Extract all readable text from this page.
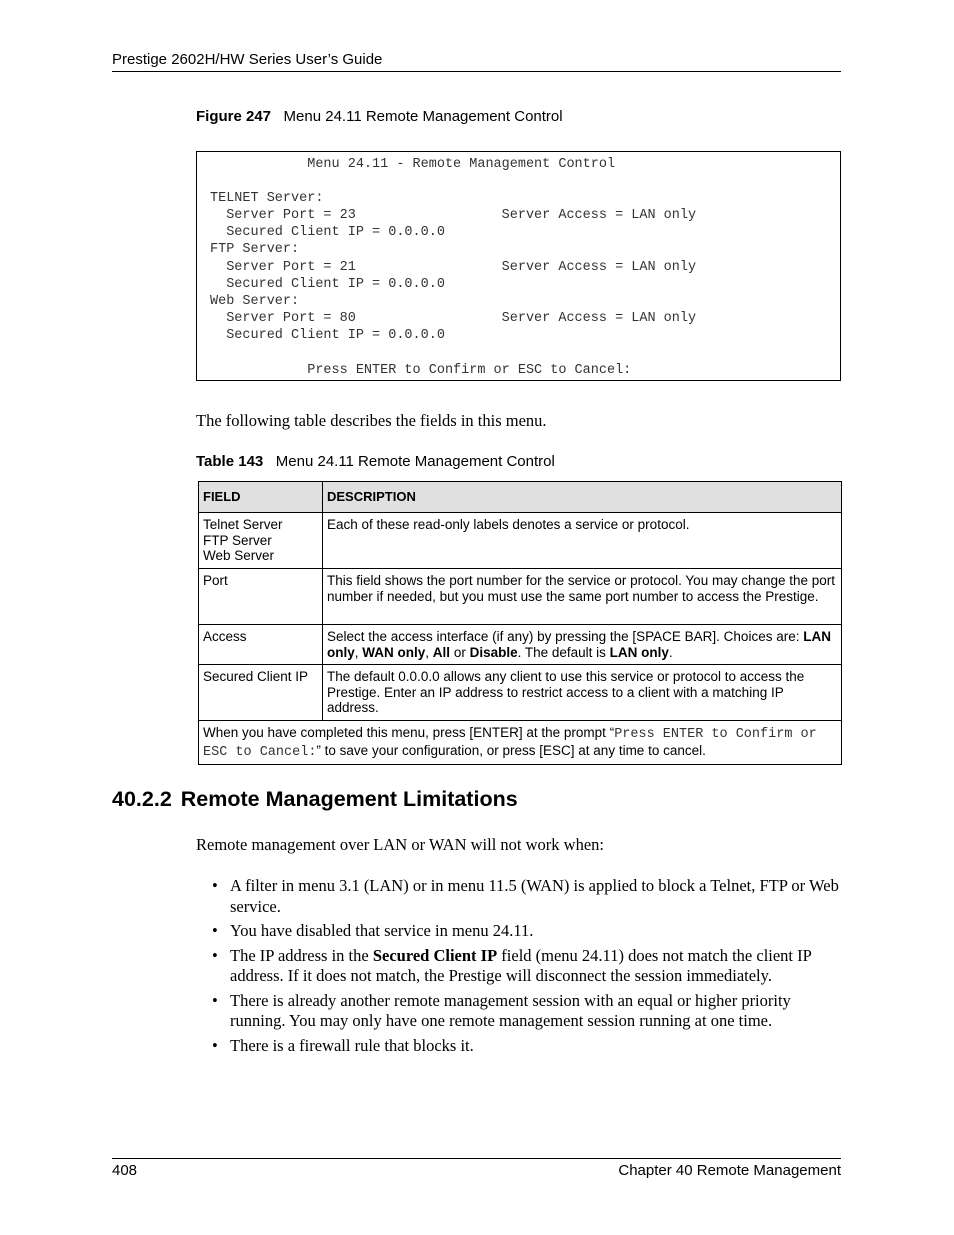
Prestige 2602H/HW Series User’s Guide
Figure 247 Menu 24.11 Remote Management Control
Menu 24.11 - Remote Management Control
TELNET Server:
Server Port = 23                  Server Access = LAN only
Secured Client IP = 0.0.0.0
FTP Server:
Server Port = 21                  Server Access = LAN only
Secured Client IP = 0.0.0.0
Web Server:
Server Port = 80                  Server Access = LAN only
Secured Client IP = 0.0.0.0
Press ENTER to Confirm or ESC to Cancel:
The following table describes the fields in this menu.
Table 143 Menu 24.11 Remote Management Control
FIELD	DESCRIPTION

Telnet Server
FTP Server
Web Server	Each of these read-only labels denotes a service or protocol.

Port	This field shows the port number for the service or protocol. You may change the port number if needed, but you must use the same port number to access the Prestige.

Access	Select the access interface (if any) by pressing the [SPACE BAR]. Choices are: LAN only, WAN only, All or Disable. The default is LAN only.

Secured Client IP	The default 0.0.0.0 allows any client to use this service or protocol to access the Prestige. Enter an IP address to restrict access to a client with a matching IP address.
When you have completed this menu, press [ENTER] at the prompt “Press ENTER to Confirm or ESC to Cancel:” to save your configuration, or press [ESC] at any time to cancel.	
40.2.2 Remote Management Limitations
Remote management over LAN or WAN will not work when:
• A filter in menu 3.1 (LAN) or in menu 11.5 (WAN) is applied to block a Telnet, FTP or Web service.
• You have disabled that service in menu 24.11.
• The IP address in the Secured Client IP field (menu 24.11) does not match the client IP address. If it does not match, the Prestige will disconnect the session immediately.
• There is already another remote management session with an equal or higher priority running. You may only have one remote management session running at one time.
• There is a firewall rule that blocks it.
408	Chapter 40 Remote Management
